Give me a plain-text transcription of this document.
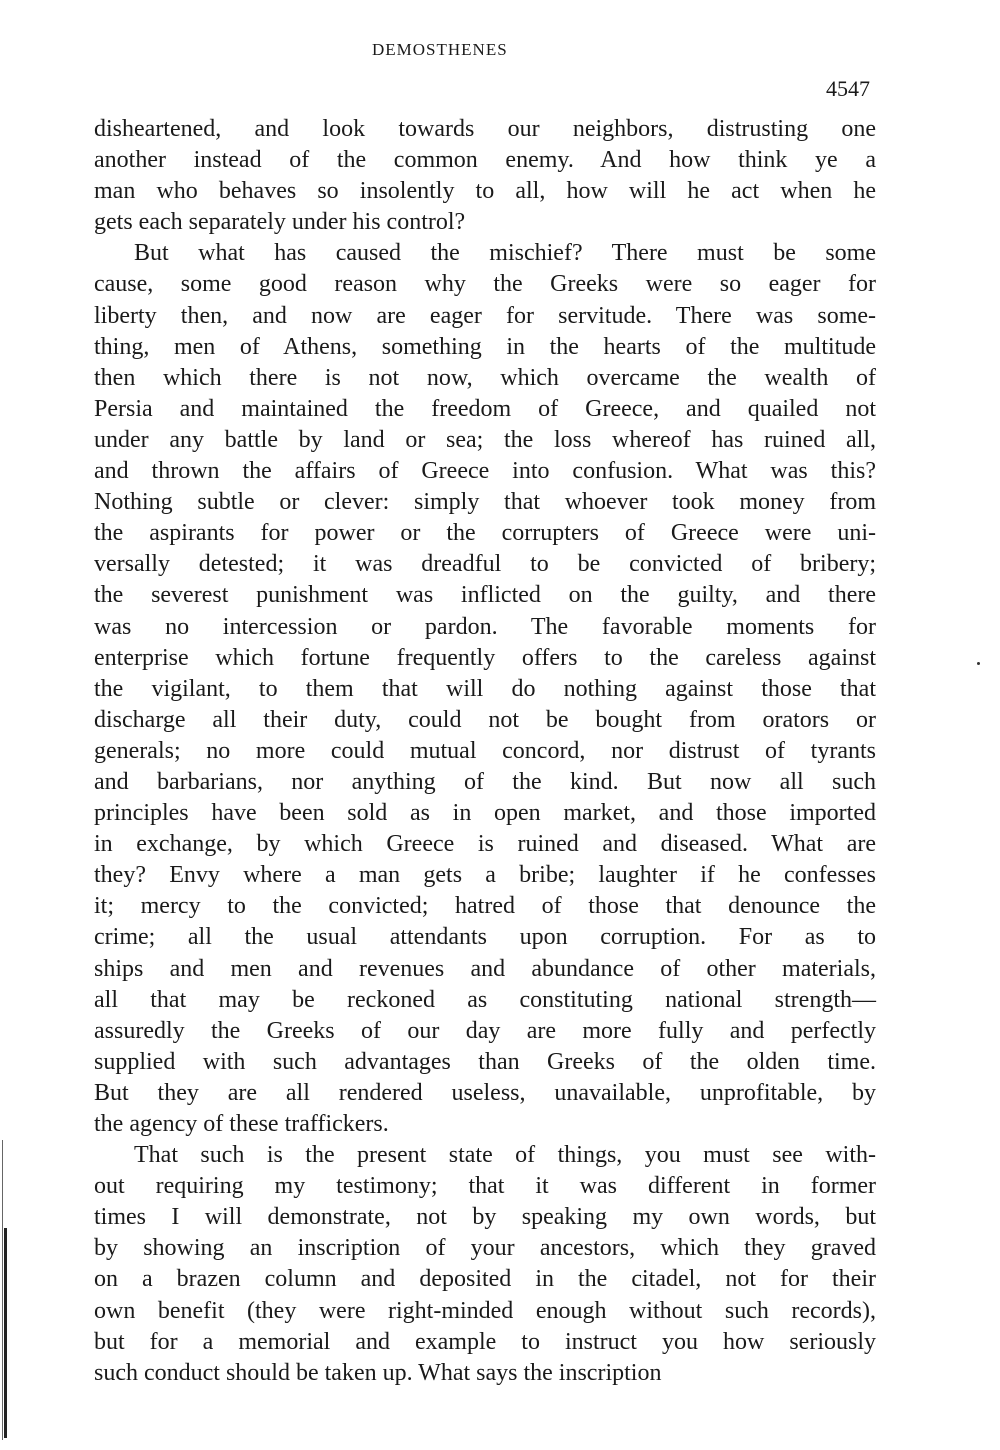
DEMOSTHENES
4547
disheartened, and look towards our neighbors, distrusting one
another instead of the common enemy. And how think ye a
man who behaves so insolently to all, how will he act when he
gets each separately under his control?
But what has caused the mischief? There must be some
cause, some good reason why the Greeks were so eager for
liberty then, and now are eager for servitude. There was some-
thing, men of Athens, something in the hearts of the multitude
then which there is not now, which overcame the wealth of
Persia and maintained the freedom of Greece, and quailed not
under any battle by land or sea; the loss whereof has ruined all,
and thrown the affairs of Greece into confusion. What was this?
Nothing subtle or clever: simply that whoever took money from
the aspirants for power or the corrupters of Greece were uni-
versally detested; it was dreadful to be convicted of bribery;
the severest punishment was inflicted on the guilty, and there
was no intercession or pardon. The favorable moments for
enterprise which fortune frequently offers to the careless against
the vigilant, to them that will do nothing against those that
discharge all their duty, could not be bought from orators or
generals; no more could mutual concord, nor distrust of tyrants
and barbarians, nor anything of the kind. But now all such
principles have been sold as in open market, and those imported
in exchange, by which Greece is ruined and diseased. What are
they? Envy where a man gets a bribe; laughter if he confesses
it; mercy to the convicted; hatred of those that denounce the
crime; all the usual attendants upon corruption. For as to
ships and men and revenues and abundance of other materials,
all that may be reckoned as constituting national strength—
assuredly the Greeks of our day are more fully and perfectly
supplied with such advantages than Greeks of the olden time.
But they are all rendered useless, unavailable, unprofitable, by
the agency of these traffickers.
That such is the present state of things, you must see with-
out requiring my testimony; that it was different in former
times I will demonstrate, not by speaking my own words, but
by showing an inscription of your ancestors, which they graved
on a brazen column and deposited in the citadel, not for their
own benefit (they were right-minded enough without such records),
but for a memorial and example to instruct you how seriously
such conduct should be taken up. What says the inscription
